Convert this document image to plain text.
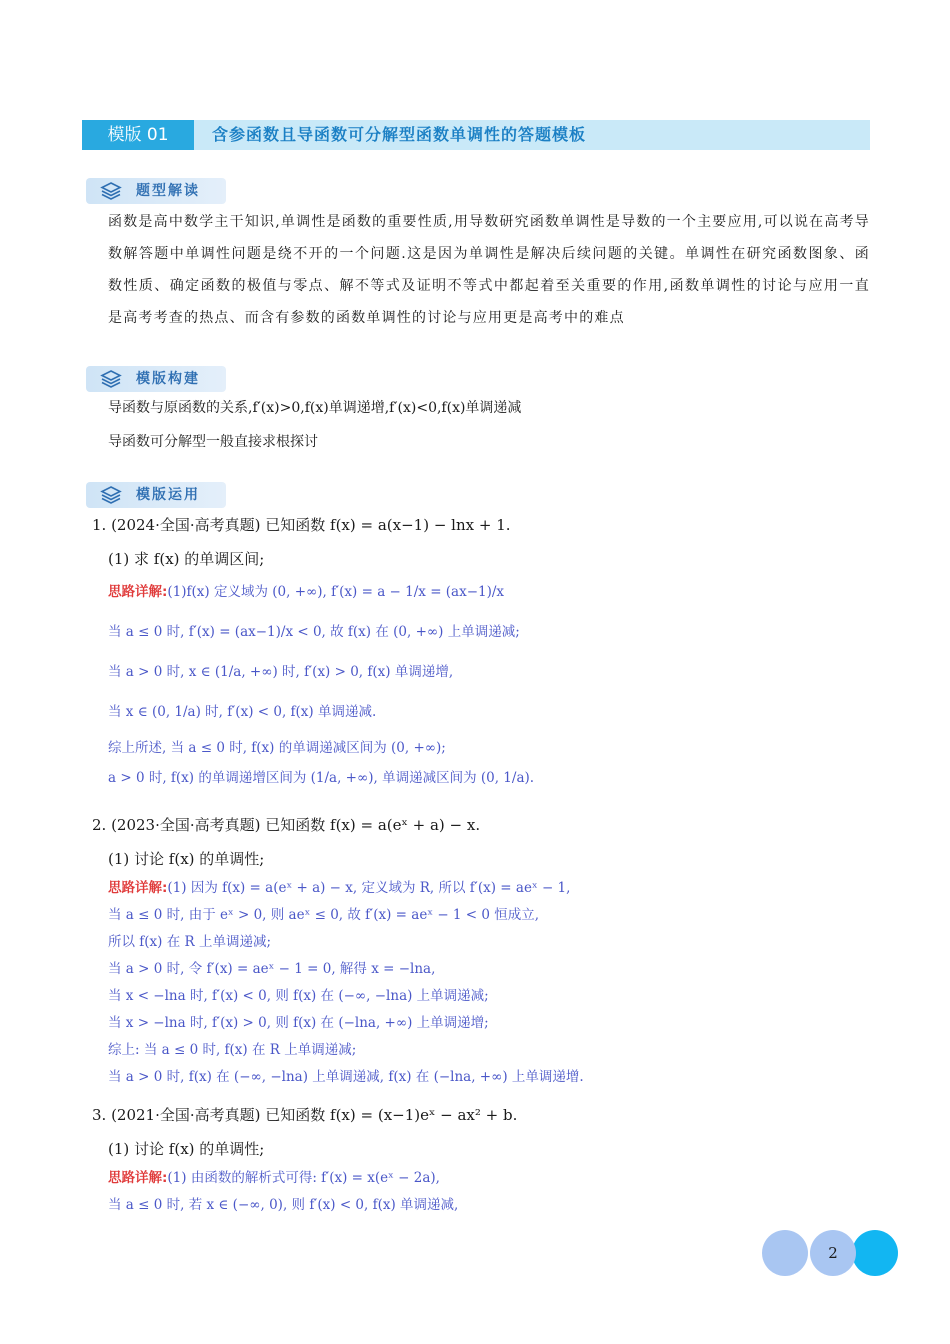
模版 01	含参函数且导函数可分解型函数单调性的答题模板
题型解读
函数是高中数学主干知识,单调性是函数的重要性质,用导数研究函数单调性是导数的一个主要应用,可以说在高考导数解答题中单调性问题是绕不开的一个问题.这是因为单调性是解决后续问题的关键。单调性在研究函数图象、函数性质、确定函数的极值与零点、解不等式及证明不等式中都起着至关重要的作用,函数单调性的讨论与应用一直是高考考查的热点、而含有参数的函数单调性的讨论与应用更是高考中的难点
模版构建
导函数与原函数的关系,f′(x)>0,f(x)单调递增,f′(x)<0,f(x)单调递减
导函数可分解型一般直接求根探讨
模版运用
1. (2024·全国·高考真题) 已知函数 f(x) = a(x−1) − lnx + 1.
(1) 求 f(x) 的单调区间;
思路详解:(1)f(x) 定义域为 (0, +∞), f′(x) = a − 1/x = (ax−1)/x
当 a ≤ 0 时, f′(x) = (ax−1)/x < 0, 故 f(x) 在 (0, +∞) 上单调递减;
当 a > 0 时, x ∈ (1/a, +∞) 时, f′(x) > 0, f(x) 单调递增,
当 x ∈ (0, 1/a) 时, f′(x) < 0, f(x) 单调递减.
综上所述, 当 a ≤ 0 时, f(x) 的单调递减区间为 (0, +∞);
a > 0 时, f(x) 的单调递增区间为 (1/a, +∞), 单调递减区间为 (0, 1/a).
2. (2023·全国·高考真题) 已知函数 f(x) = a(eˣ + a) − x.
(1) 讨论 f(x) 的单调性;
思路详解:(1) 因为 f(x) = a(eˣ + a) − x, 定义域为 R, 所以 f′(x) = aeˣ − 1,
当 a ≤ 0 时, 由于 eˣ > 0, 则 aeˣ ≤ 0, 故 f′(x) = aeˣ − 1 < 0 恒成立,
所以 f(x) 在 R 上单调递减;
当 a > 0 时, 令 f′(x) = aeˣ − 1 = 0, 解得 x = −lna,
当 x < −lna 时, f′(x) < 0, 则 f(x) 在 (−∞, −lna) 上单调递减;
当 x > −lna 时, f′(x) > 0, 则 f(x) 在 (−lna, +∞) 上单调递增;
综上: 当 a ≤ 0 时, f(x) 在 R 上单调递减;
当 a > 0 时, f(x) 在 (−∞, −lna) 上单调递减, f(x) 在 (−lna, +∞) 上单调递增.
3. (2021·全国·高考真题) 已知函数 f(x) = (x−1)eˣ − ax² + b.
(1) 讨论 f(x) 的单调性;
思路详解:(1) 由函数的解析式可得: f′(x) = x(eˣ − 2a),
当 a ≤ 0 时, 若 x ∈ (−∞, 0), 则 f′(x) < 0, f(x) 单调递减,
2
